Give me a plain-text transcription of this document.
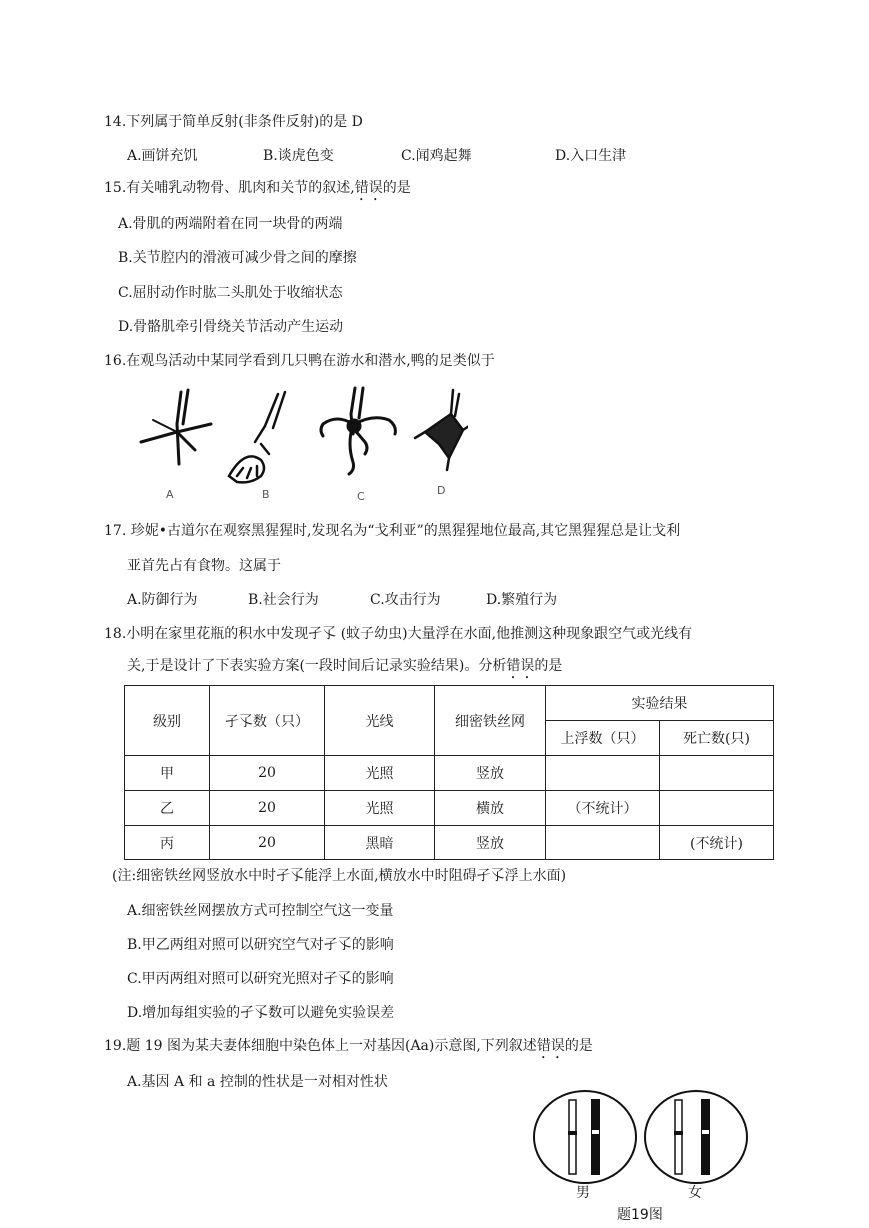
14.下列属于简单反射(非条件反射)的是 D
A.画饼充饥	B.谈虎色变	C.闻鸡起舞	D.入口生津
15.有关哺乳动物骨、肌肉和关节的叙述,错误的是
A.骨肌的两端附着在同一块骨的两端
B.关节腔内的滑液可减少骨之间的摩擦
C.屈肘动作时肱二头肌处于收缩状态
D.骨骼肌牵引骨绕关节活动产生运动
16.在观鸟活动中某同学看到几只鸭在游水和潜水,鸭的足类似于
A	B	C	D
17. 珍妮•古道尔在观察黑猩猩时,发现名为“戈利亚”的黑猩猩地位最高,其它黑猩猩总是让戈利
亚首先占有食物。这属于
A.防御行为	B.社会行为	C.攻击行为	D.繁殖行为
18.小明在家里花瓶的积水中发现孑孓 (蚊子幼虫)大量浮在水面,他推测这种现象跟空气或光线有
关,于是设计了下表实验方案(一段时间后记录实验结果)。分析错误的是
级别	孑孓数（只）	光线	细密铁丝网	实验结果	
				上浮数（只）	死亡数(只)
甲	20	光照	竖放		
乙	20	光照	横放	（不统计）	
丙	20	黑暗	竖放		(不统计)
(注:细密铁丝网竖放水中时孑孓能浮上水面,横放水中时阻碍孑孓浮上水面)
A.细密铁丝网摆放方式可控制空气这一变量
B.甲乙两组对照可以研究空气对孑孓的影响
C.甲丙两组对照可以研究光照对孑孓的影响
D.增加每组实验的孑孓数可以避免实验误差
19.题 19 图为某夫妻体细胞中染色体上一对基因(Aa)示意图,下列叙述错误的是
A.基因 A 和 a 控制的性状是一对相对性状
男	女
题19图
